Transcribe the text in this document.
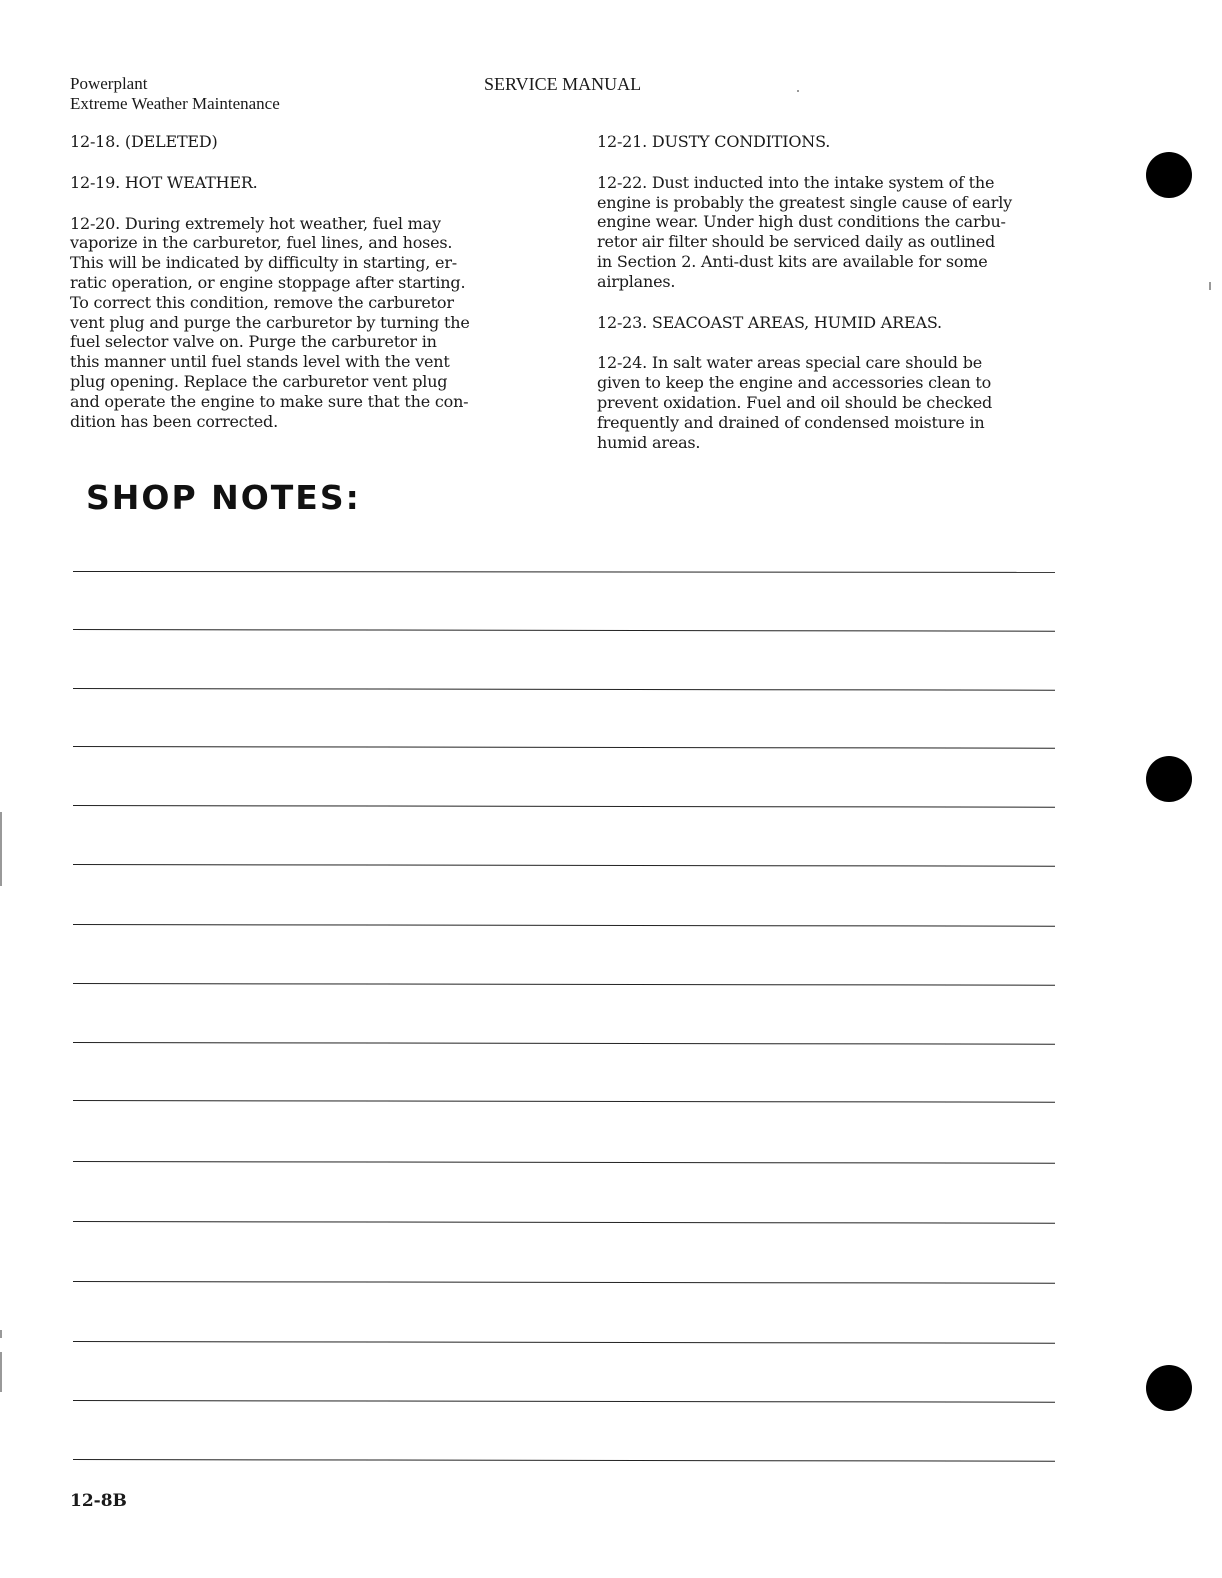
Powerplant
Extreme Weather Maintenance
SERVICE MANUAL
12-18. (DELETED)
12-19. HOT WEATHER.
12-20. During extremely hot weather, fuel may
vaporize in the carburetor, fuel lines, and hoses.
This will be indicated by difficulty in starting, er-
ratic operation, or engine stoppage after starting.
To correct this condition, remove the carburetor
vent plug and purge the carburetor by turning the
fuel selector valve on. Purge the carburetor in
this manner until fuel stands level with the vent
plug opening. Replace the carburetor vent plug
and operate the engine to make sure that the con-
dition has been corrected.
12-21. DUSTY CONDITIONS.
12-22. Dust inducted into the intake system of the
engine is probably the greatest single cause of early
engine wear. Under high dust conditions the carbu-
retor air filter should be serviced daily as outlined
in Section 2. Anti-dust kits are available for some
airplanes.
12-23. SEACOAST AREAS, HUMID AREAS.
12-24. In salt water areas special care should be
given to keep the engine and accessories clean to
prevent oxidation. Fuel and oil should be checked
frequently and drained of condensed moisture in
humid areas.
SHOP NOTES:
12-8B
